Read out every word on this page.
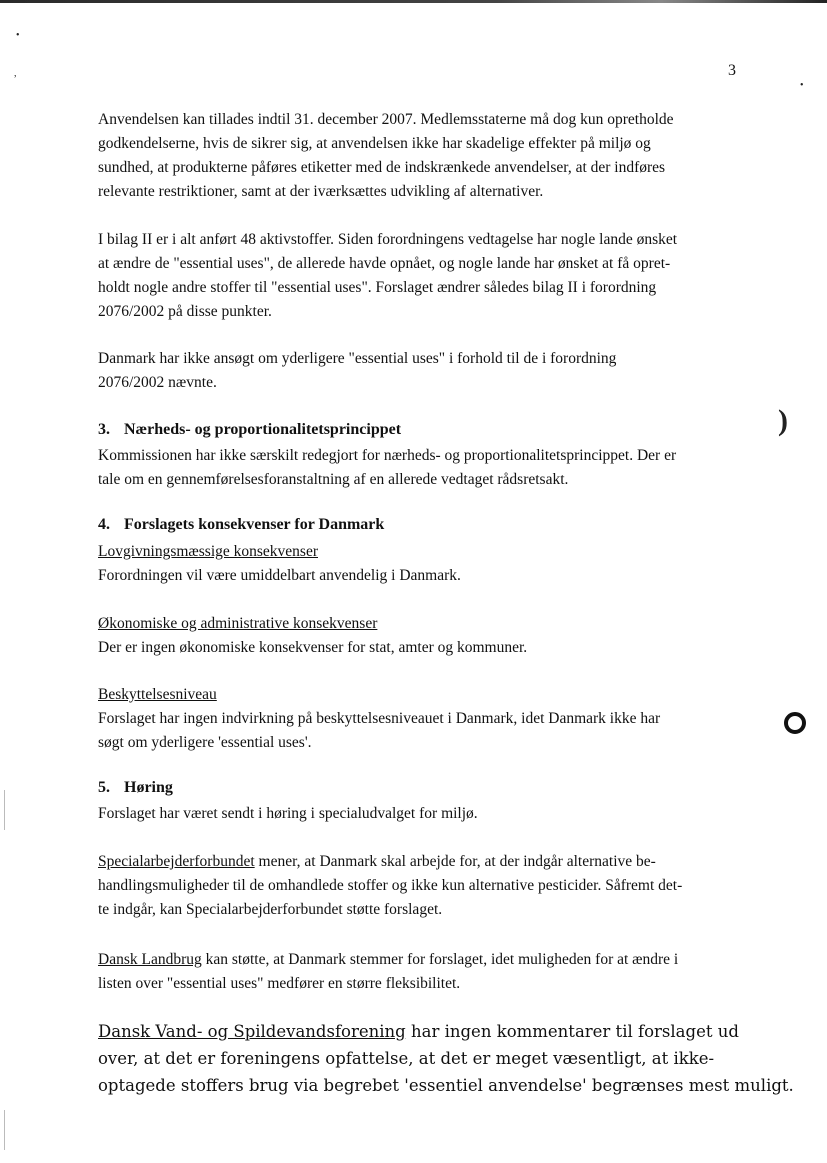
•
,
•
)
3
Anvendelsen kan tillades indtil 31. december 2007. Medlemsstaterne må dog kun opretholde
godkendelserne, hvis de sikrer sig, at anvendelsen ikke har skadelige effekter på miljø og
sundhed, at produkterne påføres etiketter med de indskrænkede anvendelser, at der indføres
relevante restriktioner, samt at der iværksættes udvikling af alternativer.
I bilag II er i alt anført 48 aktivstoffer. Siden forordningens vedtagelse har nogle lande ønsket
at ændre de "essential uses", de allerede havde opnået, og nogle lande har ønsket at få opret-
holdt nogle andre stoffer til "essential uses". Forslaget ændrer således bilag II i forordning
2076/2002 på disse punkter.
Danmark har ikke ansøgt om yderligere "essential uses" i forhold til de i forordning
2076/2002 nævnte.
3. Nærheds- og proportionalitetsprincippet
Kommissionen har ikke særskilt redegjort for nærheds- og proportionalitetsprincippet. Der er
tale om en gennemførelsesforanstaltning af en allerede vedtaget rådsretsakt.
4. Forslagets konsekvenser for Danmark
Lovgivningsmæssige konsekvenser
Forordningen vil være umiddelbart anvendelig i Danmark.
Økonomiske og administrative konsekvenser
Der er ingen økonomiske konsekvenser for stat, amter og kommuner.
Beskyttelsesniveau
Forslaget har ingen indvirkning på beskyttelsesniveauet i Danmark, idet Danmark ikke har
søgt om yderligere 'essential uses'.
5. Høring
Forslaget har været sendt i høring i specialudvalget for miljø.
Specialarbejderforbundet mener, at Danmark skal arbejde for, at der indgår alternative be-
handlingsmuligheder til de omhandlede stoffer og ikke kun alternative pesticider. Såfremt det-
te indgår, kan Specialarbejderforbundet støtte forslaget.
Dansk Landbrug kan støtte, at Danmark stemmer for forslaget, idet muligheden for at ændre i
listen over "essential uses" medfører en større fleksibilitet.
Dansk Vand- og Spildevandsforening har ingen kommentarer til forslaget ud
over, at det er foreningens opfattelse, at det er meget væsentligt, at ikke-
optagede stoffers brug via begrebet 'essentiel anvendelse' begrænses mest muligt.
